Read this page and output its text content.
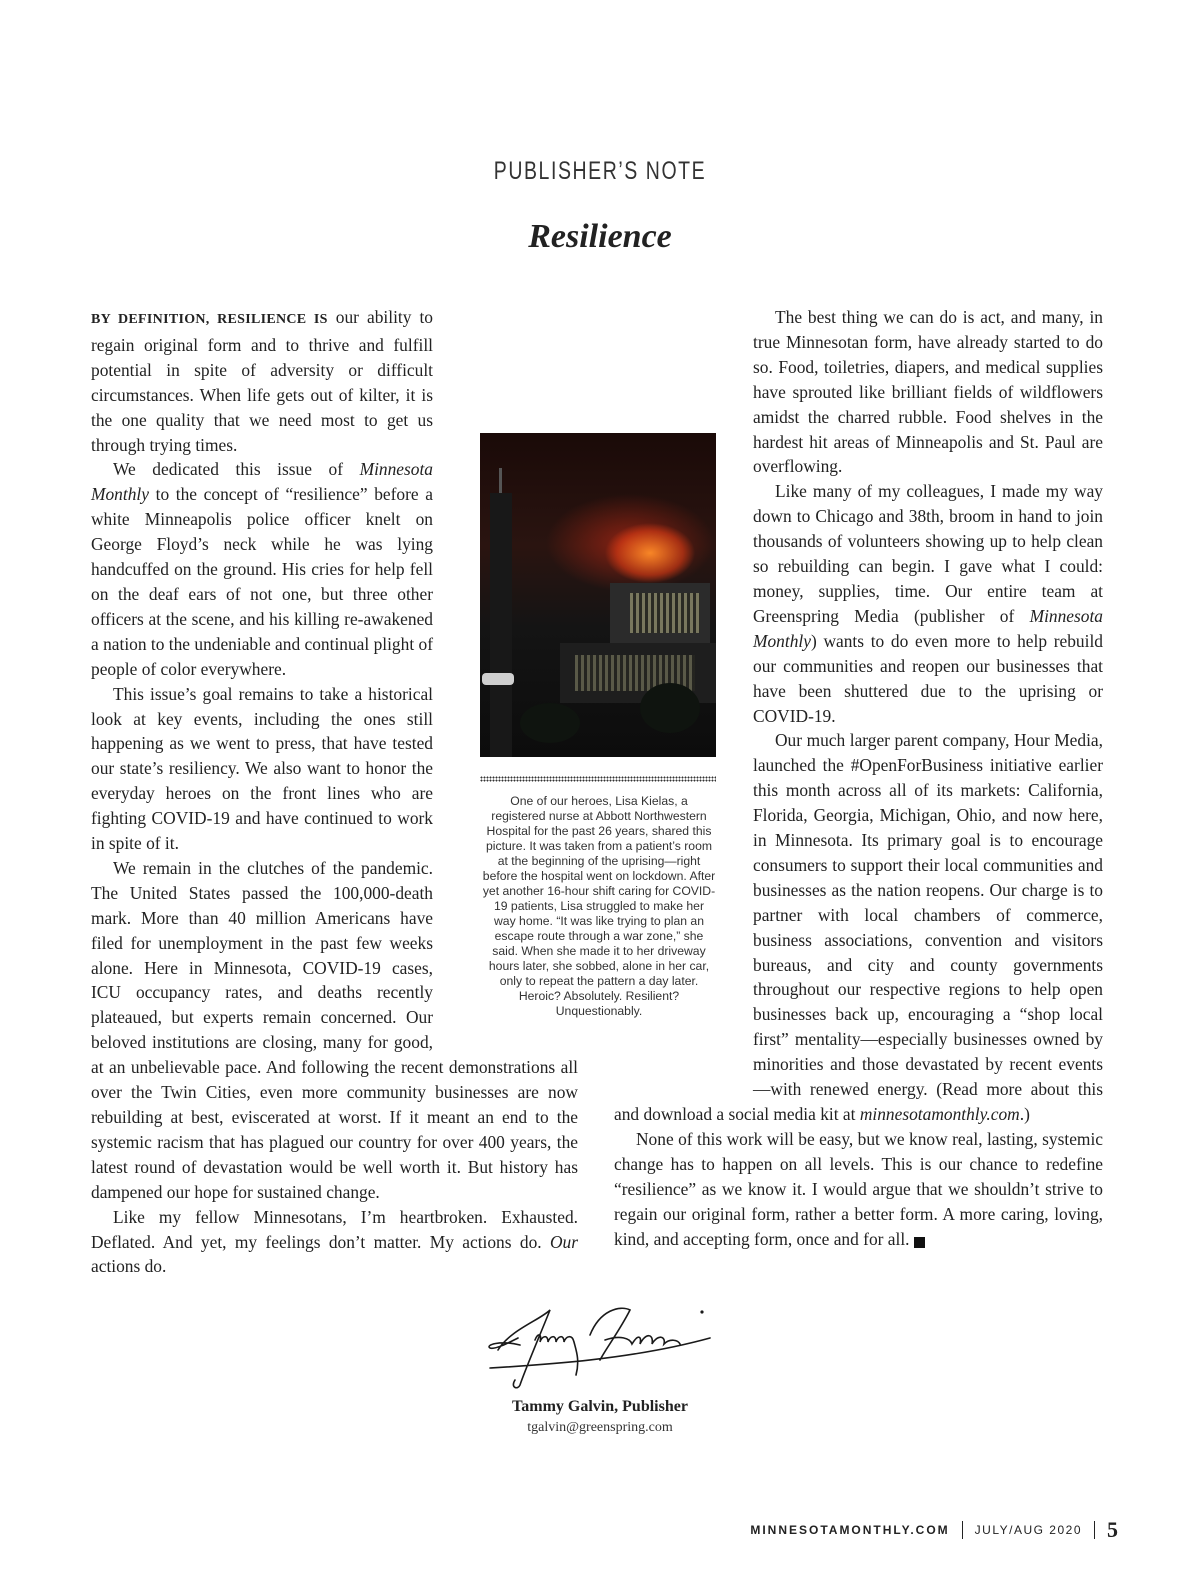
PUBLISHER’S NOTE
Resilience

BY DEFINITION, RESILIENCE IS our ability to regain original form and to thrive and fulfill potential in spite of adversity or difficult circumstances. When life gets out of kilter, it is the one quality that we need most to get us through trying times.

We dedicated this issue of Minnesota Monthly to the concept of “resilience” before a white Minneapolis police officer knelt on George Floyd’s neck while he was lying handcuffed on the ground. His cries for help fell on the deaf ears of not one, but three other officers at the scene, and his killing re-awakened a nation to the undeniable and continual plight of people of color everywhere.

This issue’s goal remains to take a historical look at key events, including the ones still happening as we went to press, that have tested our state’s resiliency. We also want to honor the everyday heroes on the front lines who are fighting COVID-19 and have continued to work in spite of it.

We remain in the clutches of the pandemic. The United States passed the 100,000-death mark. More than 40 million Americans have filed for unemployment in the past few weeks alone. Here in Minnesota, COVID-19 cases, ICU occupancy rates, and deaths recently plateaued, but experts remain concerned. Our beloved institutions are closing, many for good, at an unbelievable pace. And following the recent demonstrations all over the Twin Cities, even more community businesses are now rebuilding at best, eviscerated at worst. If it meant an end to the systemic racism that has plagued our country for over 400 years, the latest round of devastation would be well worth it. But history has dampened our hope for sustained change.

Like my fellow Minnesotans, I’m heartbroken. Exhausted. Deflated. And yet, my feelings don’t matter. My actions do. Our actions do.

The best thing we can do is act, and many, in true Minnesotan form, have already started to do so. Food, toiletries, diapers, and medical supplies have sprouted like brilliant fields of wildflowers amidst the charred rubble. Food shelves in the hardest hit areas of Minneapolis and St. Paul are overflowing.

Like many of my colleagues, I made my way down to Chicago and 38th, broom in hand to join thousands of volunteers showing up to help clean so rebuilding can begin. I gave what I could: money, supplies, time. Our entire team at Greenspring Media (publisher of Minnesota Monthly) wants to do even more to help rebuild our communities and reopen our businesses that have been shuttered due to the uprising or COVID-19.

Our much larger parent company, Hour Media, launched the #OpenForBusiness initiative earlier this month across all of its markets: California, Florida, Georgia, Michigan, Ohio, and now here, in Minnesota. Its primary goal is to encourage consumers to support their local communities and businesses as the nation reopens. Our charge is to partner with local chambers of commerce, business associations, convention and visitors bureaus, and city and county governments throughout our respective regions to help open businesses back up, encouraging a “shop local first” mentality—especially businesses owned by minorities and those devastated by recent events—with renewed energy. (Read more about this and download a social media kit at minnesotamonthly.com.)

None of this work will be easy, but we know real, lasting, systemic change has to happen on all levels. This is our chance to redefine “resilience” as we know it. I would argue that we shouldn’t strive to regain our original form, rather a better form. A more caring, loving, kind, and accepting form, once and for all.	M

One of our heroes, Lisa Kielas, a registered nurse at Abbott Northwestern Hospital for the past 26 years, shared this picture. It was taken from a patient’s room at the beginning of the uprising—right before the hospital went on lockdown. After yet another 16-hour shift caring for COVID-19 patients, Lisa struggled to make her way home. “It was like trying to plan an escape route through a war zone,” she said. When she made it to her driveway hours later, she sobbed, alone in her car, only to repeat the pattern a day later. Heroic? Absolutely. Resilient? Unquestionably.
Tammy Galvin, Publisher
tgalvin@greenspring.com
MINNESOTAMONTHLY.COM JULY/AUG 2020 5
